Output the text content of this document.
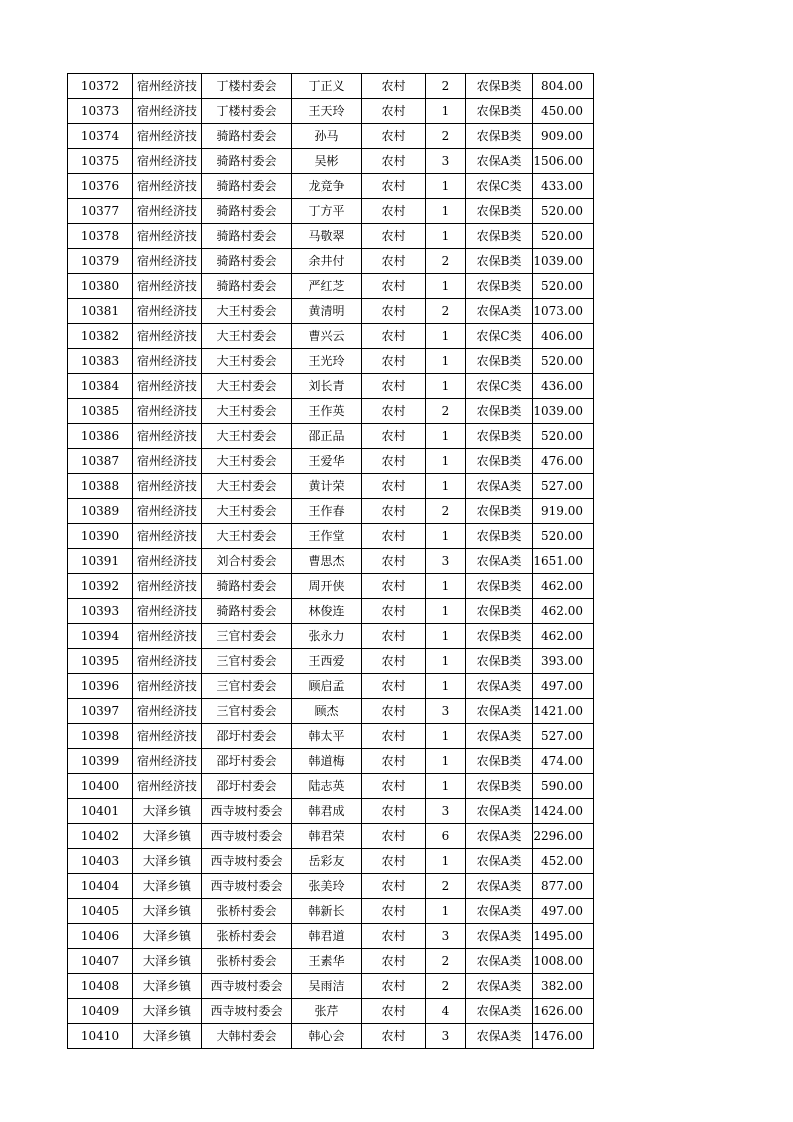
10372	宿州经济技	丁楼村委会	丁正义	农村	2	农保B类	804.00
10373	宿州经济技	丁楼村委会	王天玲	农村	1	农保B类	450.00
10374	宿州经济技	骑路村委会	孙马	农村	2	农保B类	909.00
10375	宿州经济技	骑路村委会	吴彬	农村	3	农保A类	1506.00
10376	宿州经济技	骑路村委会	龙竞争	农村	1	农保C类	433.00
10377	宿州经济技	骑路村委会	丁方平	农村	1	农保B类	520.00
10378	宿州经济技	骑路村委会	马敬翠	农村	1	农保B类	520.00
10379	宿州经济技	骑路村委会	余井付	农村	2	农保B类	1039.00
10380	宿州经济技	骑路村委会	严红芝	农村	1	农保B类	520.00
10381	宿州经济技	大王村委会	黄清明	农村	2	农保A类	1073.00
10382	宿州经济技	大王村委会	曹兴云	农村	1	农保C类	406.00
10383	宿州经济技	大王村委会	王光玲	农村	1	农保B类	520.00
10384	宿州经济技	大王村委会	刘长青	农村	1	农保C类	436.00
10385	宿州经济技	大王村委会	王作英	农村	2	农保B类	1039.00
10386	宿州经济技	大王村委会	邵正品	农村	1	农保B类	520.00
10387	宿州经济技	大王村委会	王爱华	农村	1	农保B类	476.00
10388	宿州经济技	大王村委会	黄计荣	农村	1	农保A类	527.00
10389	宿州经济技	大王村委会	王作春	农村	2	农保B类	919.00
10390	宿州经济技	大王村委会	王作堂	农村	1	农保B类	520.00
10391	宿州经济技	刘合村委会	曹思杰	农村	3	农保A类	1651.00
10392	宿州经济技	骑路村委会	周开侠	农村	1	农保B类	462.00
10393	宿州经济技	骑路村委会	林俊连	农村	1	农保B类	462.00
10394	宿州经济技	三官村委会	张永力	农村	1	农保B类	462.00
10395	宿州经济技	三官村委会	王西爱	农村	1	农保B类	393.00
10396	宿州经济技	三官村委会	顾启孟	农村	1	农保A类	497.00
10397	宿州经济技	三官村委会	顾杰	农村	3	农保A类	1421.00
10398	宿州经济技	邵圩村委会	韩太平	农村	1	农保A类	527.00
10399	宿州经济技	邵圩村委会	韩道梅	农村	1	农保B类	474.00
10400	宿州经济技	邵圩村委会	陆志英	农村	1	农保B类	590.00
10401	大泽乡镇	西寺坡村委会	韩君成	农村	3	农保A类	1424.00
10402	大泽乡镇	西寺坡村委会	韩君荣	农村	6	农保A类	2296.00
10403	大泽乡镇	西寺坡村委会	岳彩友	农村	1	农保A类	452.00
10404	大泽乡镇	西寺坡村委会	张美玲	农村	2	农保A类	877.00
10405	大泽乡镇	张桥村委会	韩新长	农村	1	农保A类	497.00
10406	大泽乡镇	张桥村委会	韩君道	农村	3	农保A类	1495.00
10407	大泽乡镇	张桥村委会	王素华	农村	2	农保A类	1008.00
10408	大泽乡镇	西寺坡村委会	吴雨洁	农村	2	农保A类	382.00
10409	大泽乡镇	西寺坡村委会	张芹	农村	4	农保A类	1626.00
10410	大泽乡镇	大韩村委会	韩心会	农村	3	农保A类	1476.00
